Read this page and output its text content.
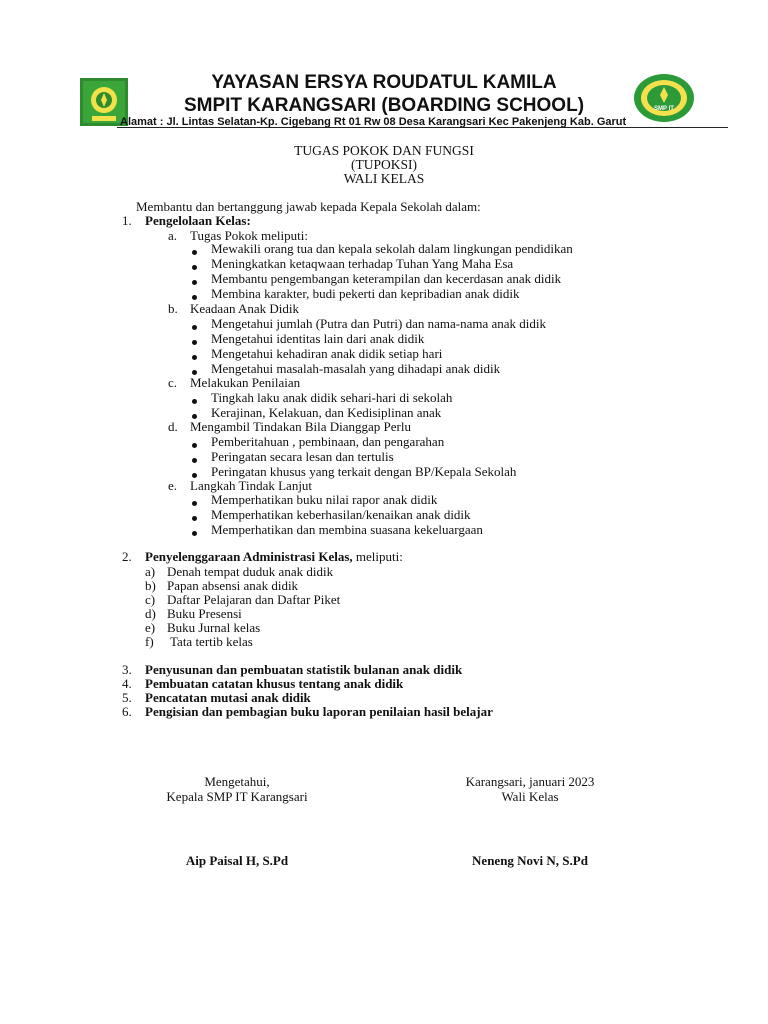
SMP IT
YAYASAN ERSYA ROUDATUL KAMILA
SMPIT KARANGSARI (BOARDING SCHOOL)
Alamat : Jl. Lintas Selatan-Kp. Cigebang Rt 01 Rw 08 Desa Karangsari Kec Pakenjeng Kab. Garut
TUGAS POKOK DAN FUNGSI
(TUPOKSI)
WALI KELAS
Membantu dan bertanggung jawab kepada Kepala Sekolah dalam:
1. Pengelolaan Kelas:
a. Tugas Pokok meliputi:
Mewakili orang tua dan kepala sekolah dalam lingkungan pendidikan
Meningkatkan ketaqwaan terhadap Tuhan Yang Maha Esa
Membantu pengembangan keterampilan dan kecerdasan anak didik
Membina karakter, budi pekerti dan kepribadian anak didik
b. Keadaan Anak Didik
Mengetahui jumlah (Putra dan Putri) dan nama-nama anak didik
Mengetahui identitas lain dari anak didik
Mengetahui kehadiran anak didik setiap hari
Mengetahui masalah-masalah yang dihadapi anak didik
c. Melakukan Penilaian
Tingkah laku anak didik sehari-hari di sekolah
Kerajinan, Kelakuan, dan Kedisiplinan anak
d. Mengambil Tindakan Bila Dianggap Perlu
Pemberitahuan , pembinaan, dan pengarahan
Peringatan secara lesan dan tertulis
Peringatan khusus yang terkait dengan BP/Kepala Sekolah
e. Langkah Tindak Lanjut
Memperhatikan buku nilai rapor anak didik
Memperhatikan keberhasilan/kenaikan anak didik
Memperhatikan dan membina suasana kekeluargaan
2. Penyelenggaraan Administrasi Kelas, meliputi:
a) Denah tempat duduk anak didik
b) Papan absensi anak didik
c) Daftar Pelajaran dan Daftar Piket
d) Buku Presensi
e) Buku Jurnal kelas
f) Tata tertib kelas
3. Penyusunan dan pembuatan statistik bulanan anak didik
4. Pembuatan catatan khusus tentang anak didik
5. Pencatatan mutasi anak didik
6. Pengisian dan pembagian buku laporan penilaian hasil belajar
Mengetahui,
Kepala SMP IT Karangsari
Aip Paisal H, S.Pd
Karangsari, januari 2023
Wali Kelas
Neneng Novi N, S.Pd
